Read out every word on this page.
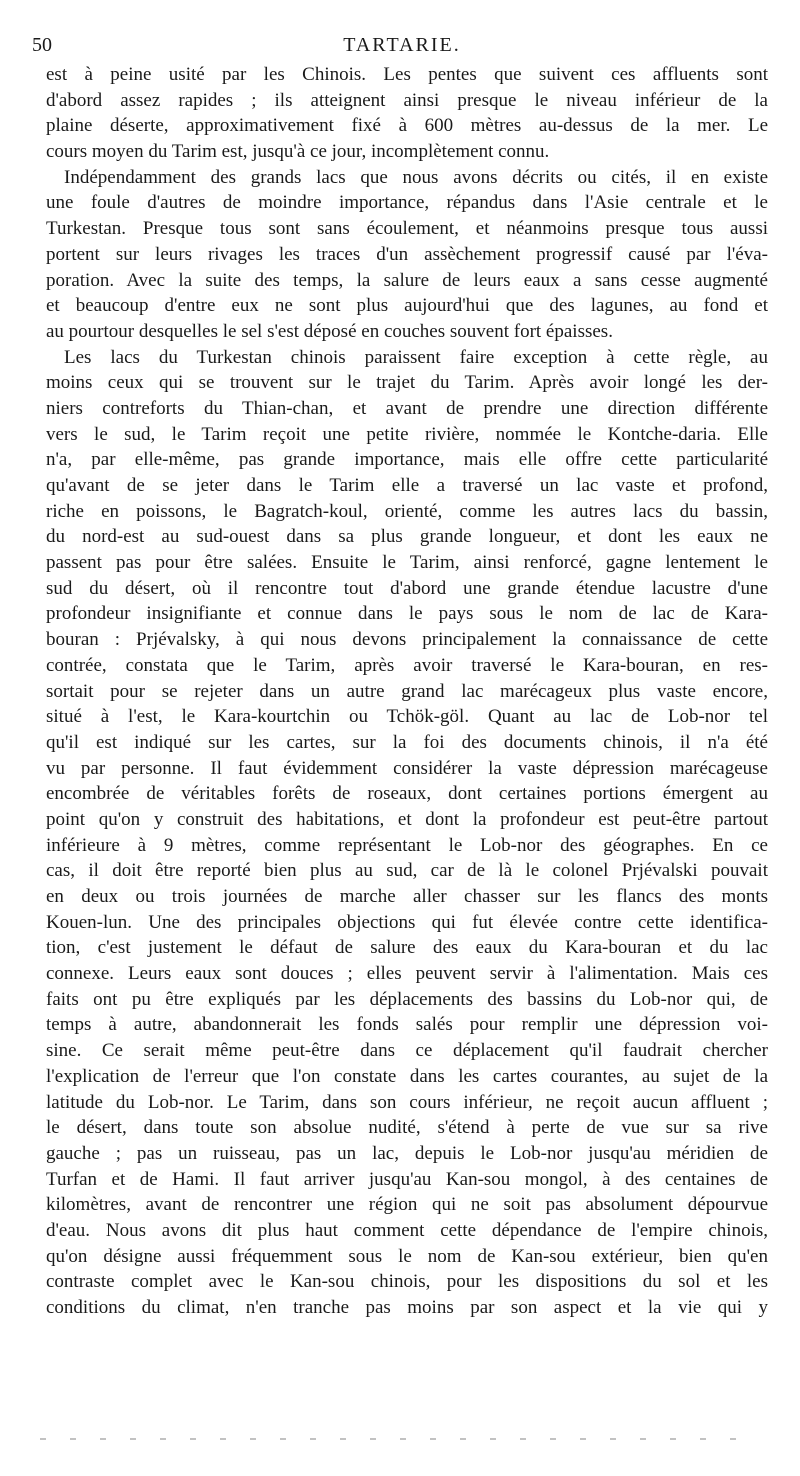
50	TARTARIE.
est à peine usité par les Chinois. Les pentes que suivent ces affluents sont
d'abord assez rapides ; ils atteignent ainsi presque le niveau inférieur de la
plaine déserte, approximativement fixé à 600 mètres au-dessus de la mer. Le
cours moyen du Tarim est, jusqu'à ce jour, incomplètement connu.
Indépendamment des grands lacs que nous avons décrits ou cités, il en existe
une foule d'autres de moindre importance, répandus dans l'Asie centrale et le
Turkestan. Presque tous sont sans écoulement, et néanmoins presque tous aussi
portent sur leurs rivages les traces d'un assèchement progressif causé par l'éva-
poration. Avec la suite des temps, la salure de leurs eaux a sans cesse augmenté
et beaucoup d'entre eux ne sont plus aujourd'hui que des lagunes, au fond et
au pourtour desquelles le sel s'est déposé en couches souvent fort épaisses.
Les lacs du Turkestan chinois paraissent faire exception à cette règle, au
moins ceux qui se trouvent sur le trajet du Tarim. Après avoir longé les der-
niers contreforts du Thian-chan, et avant de prendre une direction différente
vers le sud, le Tarim reçoit une petite rivière, nommée le Kontche-daria. Elle
n'a, par elle-même, pas grande importance, mais elle offre cette particularité
qu'avant de se jeter dans le Tarim elle a traversé un lac vaste et profond,
riche en poissons, le Bagratch-koul, orienté, comme les autres lacs du bassin,
du nord-est au sud-ouest dans sa plus grande longueur, et dont les eaux ne
passent pas pour être salées. Ensuite le Tarim, ainsi renforcé, gagne lentement le
sud du désert, où il rencontre tout d'abord une grande étendue lacustre d'une
profondeur insignifiante et connue dans le pays sous le nom de lac de Kara-
bouran : Prjévalsky, à qui nous devons principalement la connaissance de cette
contrée, constata que le Tarim, après avoir traversé le Kara-bouran, en res-
sortait pour se rejeter dans un autre grand lac marécageux plus vaste encore,
situé à l'est, le Kara-kourtchin ou Tchök-göl. Quant au lac de Lob-nor tel
qu'il est indiqué sur les cartes, sur la foi des documents chinois, il n'a été
vu par personne. Il faut évidemment considérer la vaste dépression marécageuse
encombrée de véritables forêts de roseaux, dont certaines portions émergent au
point qu'on y construit des habitations, et dont la profondeur est peut-être partout
inférieure à 9 mètres, comme représentant le Lob-nor des géographes. En ce
cas, il doit être reporté bien plus au sud, car de là le colonel Prjévalski pouvait
en deux ou trois journées de marche aller chasser sur les flancs des monts
Kouen-lun. Une des principales objections qui fut élevée contre cette identifica-
tion, c'est justement le défaut de salure des eaux du Kara-bouran et du lac
connexe. Leurs eaux sont douces ; elles peuvent servir à l'alimentation. Mais ces
faits ont pu être expliqués par les déplacements des bassins du Lob-nor qui, de
temps à autre, abandonnerait les fonds salés pour remplir une dépression voi-
sine. Ce serait même peut-être dans ce déplacement qu'il faudrait chercher
l'explication de l'erreur que l'on constate dans les cartes courantes, au sujet de la
latitude du Lob-nor. Le Tarim, dans son cours inférieur, ne reçoit aucun affluent ;
le désert, dans toute son absolue nudité, s'étend à perte de vue sur sa rive
gauche ; pas un ruisseau, pas un lac, depuis le Lob-nor jusqu'au méridien de
Turfan et de Hami. Il faut arriver jusqu'au Kan-sou mongol, à des centaines de
kilomètres, avant de rencontrer une région qui ne soit pas absolument dépourvue
d'eau. Nous avons dit plus haut comment cette dépendance de l'empire chinois,
qu'on désigne aussi fréquemment sous le nom de Kan-sou extérieur, bien qu'en
contraste complet avec le Kan-sou chinois, pour les dispositions du sol et les
conditions du climat, n'en tranche pas moins par son aspect et la vie qui y
